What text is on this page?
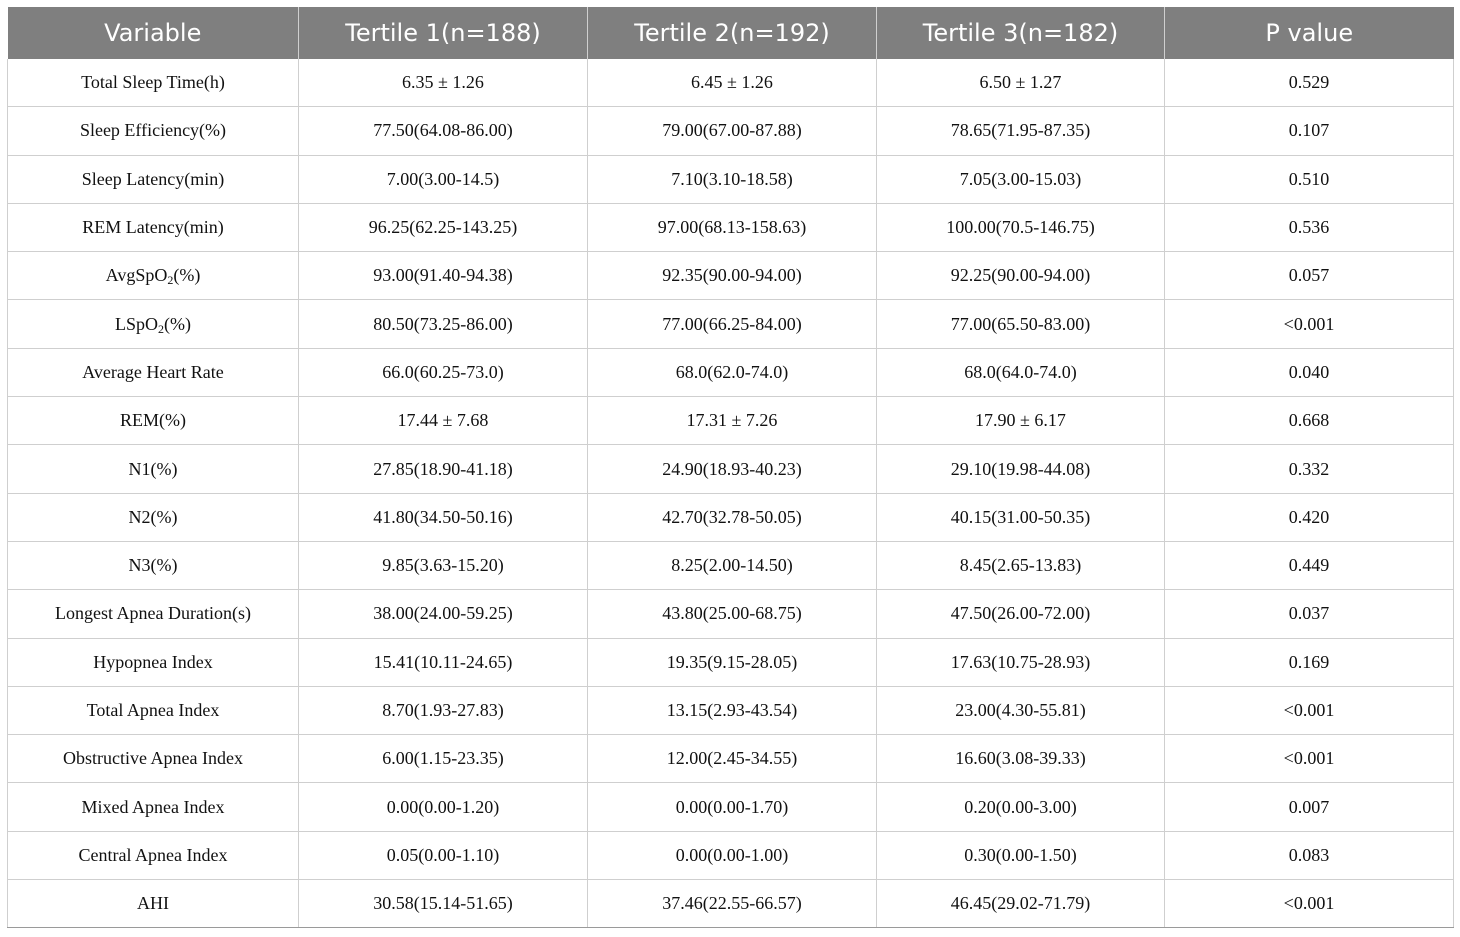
Variable	Tertile 1(n=188)	Tertile 2(n=192)	Tertile 3(n=182)	P value
Total Sleep Time(h)	6.35 ± 1.26	6.45 ± 1.26	6.50 ± 1.27	0.529
Sleep Efficiency(%)	77.50(64.08-86.00)	79.00(67.00-87.88)	78.65(71.95-87.35)	0.107
Sleep Latency(min)	7.00(3.00-14.5)	7.10(3.10-18.58)	7.05(3.00-15.03)	0.510
REM Latency(min)	96.25(62.25-143.25)	97.00(68.13-158.63)	100.00(70.5-146.75)	0.536
AvgSpO$_2$(%)	93.00(91.40-94.38)	92.35(90.00-94.00)	92.25(90.00-94.00)	0.057
LSpO$_2$(%)	80.50(73.25-86.00)	77.00(66.25-84.00)	77.00(65.50-83.00)	<0.001
Average Heart Rate	66.0(60.25-73.0)	68.0(62.0-74.0)	68.0(64.0-74.0)	0.040
REM(%)	17.44 ± 7.68	17.31 ± 7.26	17.90 ± 6.17	0.668
N1(%)	27.85(18.90-41.18)	24.90(18.93-40.23)	29.10(19.98-44.08)	0.332
N2(%)	41.80(34.50-50.16)	42.70(32.78-50.05)	40.15(31.00-50.35)	0.420
N3(%)	9.85(3.63-15.20)	8.25(2.00-14.50)	8.45(2.65-13.83)	0.449
Longest Apnea Duration(s)	38.00(24.00-59.25)	43.80(25.00-68.75)	47.50(26.00-72.00)	0.037
Hypopnea Index	15.41(10.11-24.65)	19.35(9.15-28.05)	17.63(10.75-28.93)	0.169
Total Apnea Index	8.70(1.93-27.83)	13.15(2.93-43.54)	23.00(4.30-55.81)	<0.001
Obstructive Apnea Index	6.00(1.15-23.35)	12.00(2.45-34.55)	16.60(3.08-39.33)	<0.001
Mixed Apnea Index	0.00(0.00-1.20)	0.00(0.00-1.70)	0.20(0.00-3.00)	0.007
Central Apnea Index	0.05(0.00-1.10)	0.00(0.00-1.00)	0.30(0.00-1.50)	0.083
AHI	30.58(15.14-51.65)	37.46(22.55-66.57)	46.45(29.02-71.79)	<0.001
